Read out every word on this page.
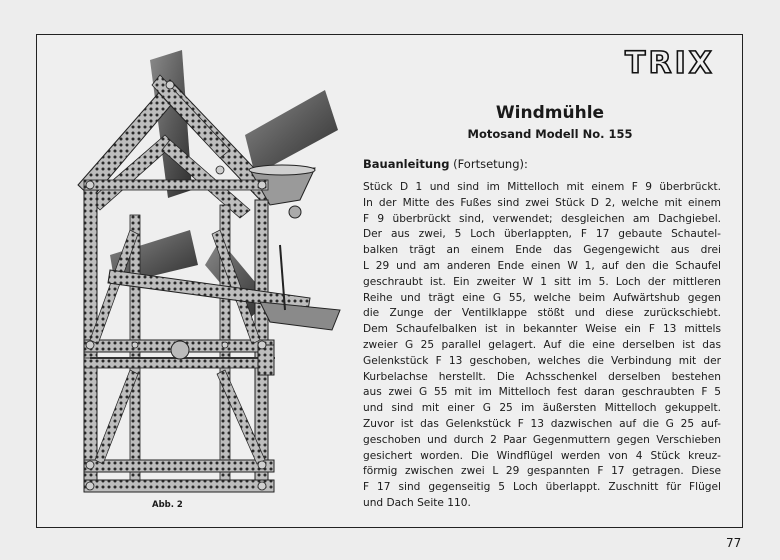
TRIX
Windmühle
Motosand Modell No. 155
Bauanleitung (Fortsetung):
Stück D 1 und sind im Mittelloch mit einem F 9 überbrückt.
In der Mitte des Fußes sind zwei Stück D 2, welche mit einem
F 9 überbrückt sind, verwendet; desgleichen am Dachgiebel.
Der aus zwei, 5 Loch überlappten, F 17 gebaute Schautel-
balken trägt an einem Ende das Gegengewicht aus drei
L 29 und am anderen Ende einen W 1, auf den die Schaufel
geschraubt ist. Ein zweiter W 1 sitt im 5. Loch der mittleren
Reihe und trägt eine G 55, welche beim Aufwärtshub gegen
die Zunge der Ventilklappe stößt und diese zurückschiebt.
Dem Schaufelbalken ist in bekannter Weise ein F 13 mittels
zweier G 25 parallel gelagert. Auf die eine derselben ist das
Gelenkstück F 13 geschoben, welches die Verbindung mit der
Kurbelachse herstellt. Die Achsschenkel derselben bestehen
aus zwei G 55 mit im Mittelloch fest daran geschraubten F 5
und sind mit einer G 25 im äußersten Mittelloch gekuppelt.
Zuvor ist das Gelenkstück F 13 dazwischen auf die G 25 auf-
geschoben und durch 2 Paar Gegenmuttern gegen Verschieben
gesichert worden. Die Windflügel werden von 4 Stück kreuz-
förmig zwischen zwei L 29 gespannten F 17 getragen. Diese
F 17 sind gegenseitig 5 Loch überlappt. Zuschnitt für Flügel
und Dach Seite 110.
Abb. 2
77
